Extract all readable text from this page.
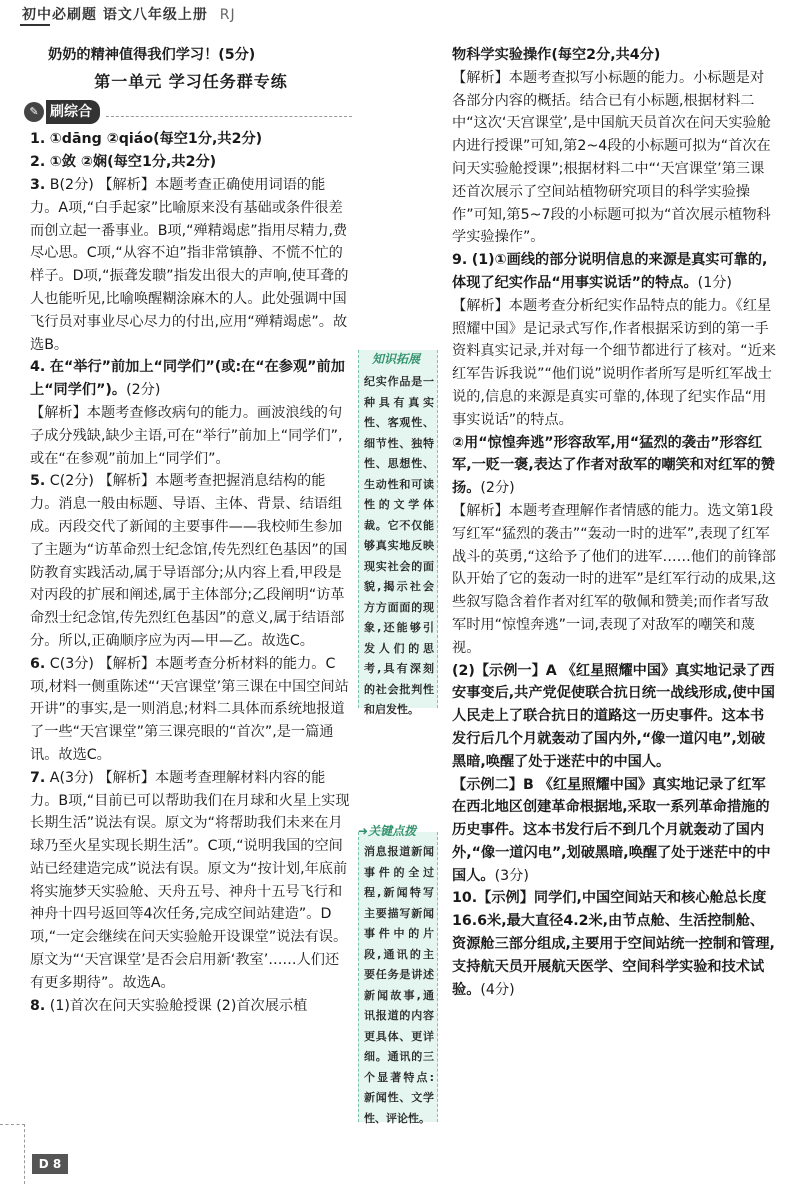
初中必刷题 语文八年级上册 RJ

奶奶的精神值得我们学习！(5分)

第一单元 学习任务群专练
✎ 刷综合

1. ①dāng ②qiáo(每空1分,共2分)

2. ①敛 ②娴(每空1分,共2分)

3. B(2分) 【解析】本题考查正确使用词语的能力。A项,“白手起家”比喻原来没有基础或条件很差而创立起一番事业。B项,“殚精竭虑”指用尽精力,费尽心思。C项,“从容不迫”指非常镇静、不慌不忙的样子。D项,“振聋发聩”指发出很大的声响,使耳聋的人也能听见,比喻唤醒糊涂麻木的人。此处强调中国飞行员对事业尽心尽力的付出,应用“殚精竭虑”。故选B。

4. 在“举行”前加上“同学们”(或:在“在参观”前加上“同学们”)。(2分)

【解析】本题考查修改病句的能力。画波浪线的句子成分残缺,缺少主语,可在“举行”前加上“同学们”,或在“在参观”前加上“同学们”。

5. C(2分) 【解析】本题考查把握消息结构的能力。消息一般由标题、导语、主体、背景、结语组成。丙段交代了新闻的主要事件——我校师生参加了主题为“访革命烈士纪念馆,传先烈红色基因”的国防教育实践活动,属于导语部分;从内容上看,甲段是对丙段的扩展和阐述,属于主体部分;乙段阐明“访革命烈士纪念馆,传先烈红色基因”的意义,属于结语部分。所以,正确顺序应为丙—甲—乙。故选C。

6. C(3分) 【解析】本题考查分析材料的能力。C项,材料一侧重陈述“‘天宫课堂’第三课在中国空间站开讲”的事实,是一则消息;材料二具体而系统地报道了一些“天宫课堂”第三课亮眼的“首次”,是一篇通讯。故选C。

7. A(3分) 【解析】本题考查理解材料内容的能力。B项,“目前已可以帮助我们在月球和火星上实现长期生活”说法有误。原文为“将帮助我们未来在月球乃至火星实现长期生活”。C项,“说明我国的空间站已经建造完成”说法有误。原文为“按计划,年底前将实施梦天实验舱、天舟五号、神舟十五号飞行和神舟十四号返回等4次任务,完成空间站建造”。D项,“一定会继续在问天实验舱开设课堂”说法有误。原文为“‘天宫课堂’是否会启用新‘教室’……人们还有更多期待”。故选A。

8. (1)首次在问天实验舱授课 (2)首次展示植

知识拓展
纪实作品是一种具有真实性、客观性、细节性、独特性、思想性、生动性和可读性的文学体裁。它不仅能够真实地反映现实社会的面貌,揭示社会方方面面的现象,还能够引发人们的思考,具有深刻的社会批判性和启发性。
➜关键点拨
消息报道新闻事件的全过程,新闻特写主要描写新闻事件中的片段,通讯的主要任务是讲述新闻故事,通讯报道的内容更具体、更详细。通讯的三个显著特点:新闻性、文学性、评论性。

物科学实验操作(每空2分,共4分)

【解析】本题考查拟写小标题的能力。小标题是对各部分内容的概括。结合已有小标题,根据材料二中“这次‘天宫课堂’,是中国航天员首次在问天实验舱内进行授课”可知,第2~4段的小标题可拟为“首次在问天实验舱授课”;根据材料二中“‘天宫课堂’第三课还首次展示了空间站植物研究项目的科学实验操作”可知,第5~7段的小标题可拟为“首次展示植物科学实验操作”。

9. (1)①画线的部分说明信息的来源是真实可靠的,体现了纪实作品“用事实说话”的特点。(1分)

【解析】本题考查分析纪实作品特点的能力。《红星照耀中国》是记录式写作,作者根据采访到的第一手资料真实记录,并对每一个细节都进行了核对。“近来红军告诉我说”“他们说”说明作者所写是听红军战士说的,信息的来源是真实可靠的,体现了纪实作品“用事实说话”的特点。

②用“惊惶奔逃”形容敌军,用“猛烈的袭击”形容红军,一贬一褒,表达了作者对敌军的嘲笑和对红军的赞扬。(2分)

【解析】本题考查理解作者情感的能力。选文第1段写红军“猛烈的袭击”“轰动一时的进军”,表现了红军战斗的英勇,“这给予了他们的进军……他们的前锋部队开始了它的轰动一时的进军”是红军行动的成果,这些叙写隐含着作者对红军的敬佩和赞美;而作者写敌军时用“惊惶奔逃”一词,表现了对敌军的嘲笑和蔑视。

(2)【示例一】A 《红星照耀中国》真实地记录了西安事变后,共产党促使联合抗日统一战线形成,使中国人民走上了联合抗日的道路这一历史事件。这本书发行后几个月就轰动了国内外,“像一道闪电”,划破黑暗,唤醒了处于迷茫中的中国人。

【示例二】B 《红星照耀中国》真实地记录了红军在西北地区创建革命根据地,采取一系列革命措施的历史事件。这本书发行后不到几个月就轰动了国内外,“像一道闪电”,划破黑暗,唤醒了处于迷茫中的中国人。(3分)

10.【示例】同学们,中国空间站天和核心舱总长度16.6米,最大直径4.2米,由节点舱、生活控制舱、资源舱三部分组成,主要用于空间站统一控制和管理,支持航天员开展航天医学、空间科学实验和技术试验。(4分)

D 8
